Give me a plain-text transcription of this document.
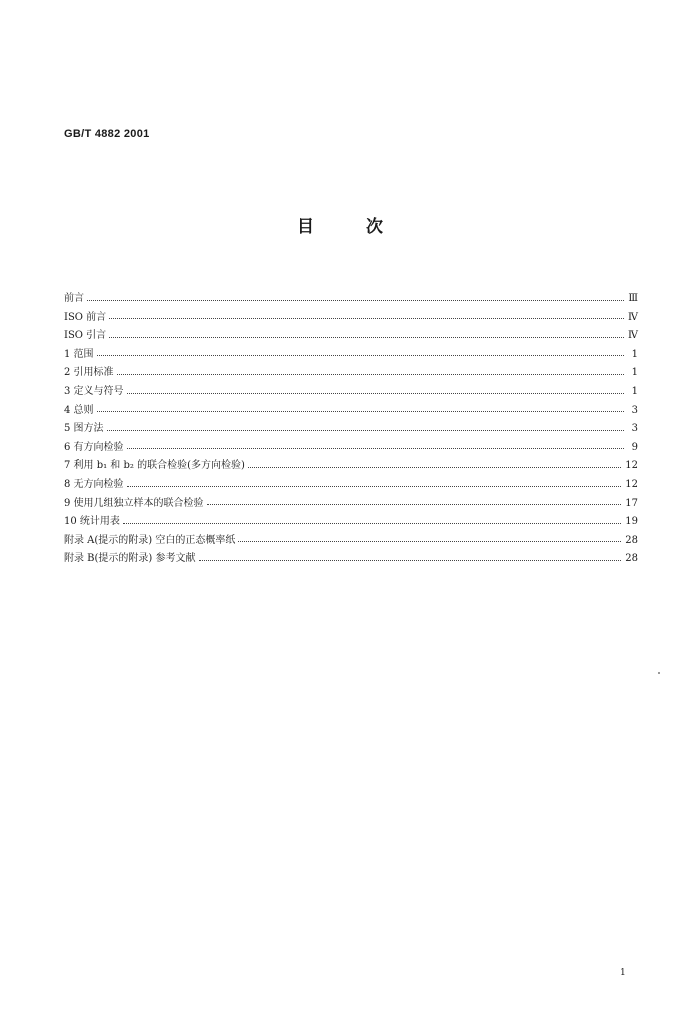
GB/T 4882 2001
目次
前言	Ⅲ
ISO 前言	Ⅳ
ISO 引言	Ⅳ
1 范围	1
2 引用标准	1
3 定义与符号	1
4 总则	3
5 图方法	3
6 有方向检验	9
7 利用 b₁ 和 b₂ 的联合检验(多方向检验)	12
8 无方向检验	12
9 使用几组独立样本的联合检验	17
10 统计用表	19
附录 A(提示的附录) 空白的正态概率纸	28
附录 B(提示的附录) 参考文献	28
1
